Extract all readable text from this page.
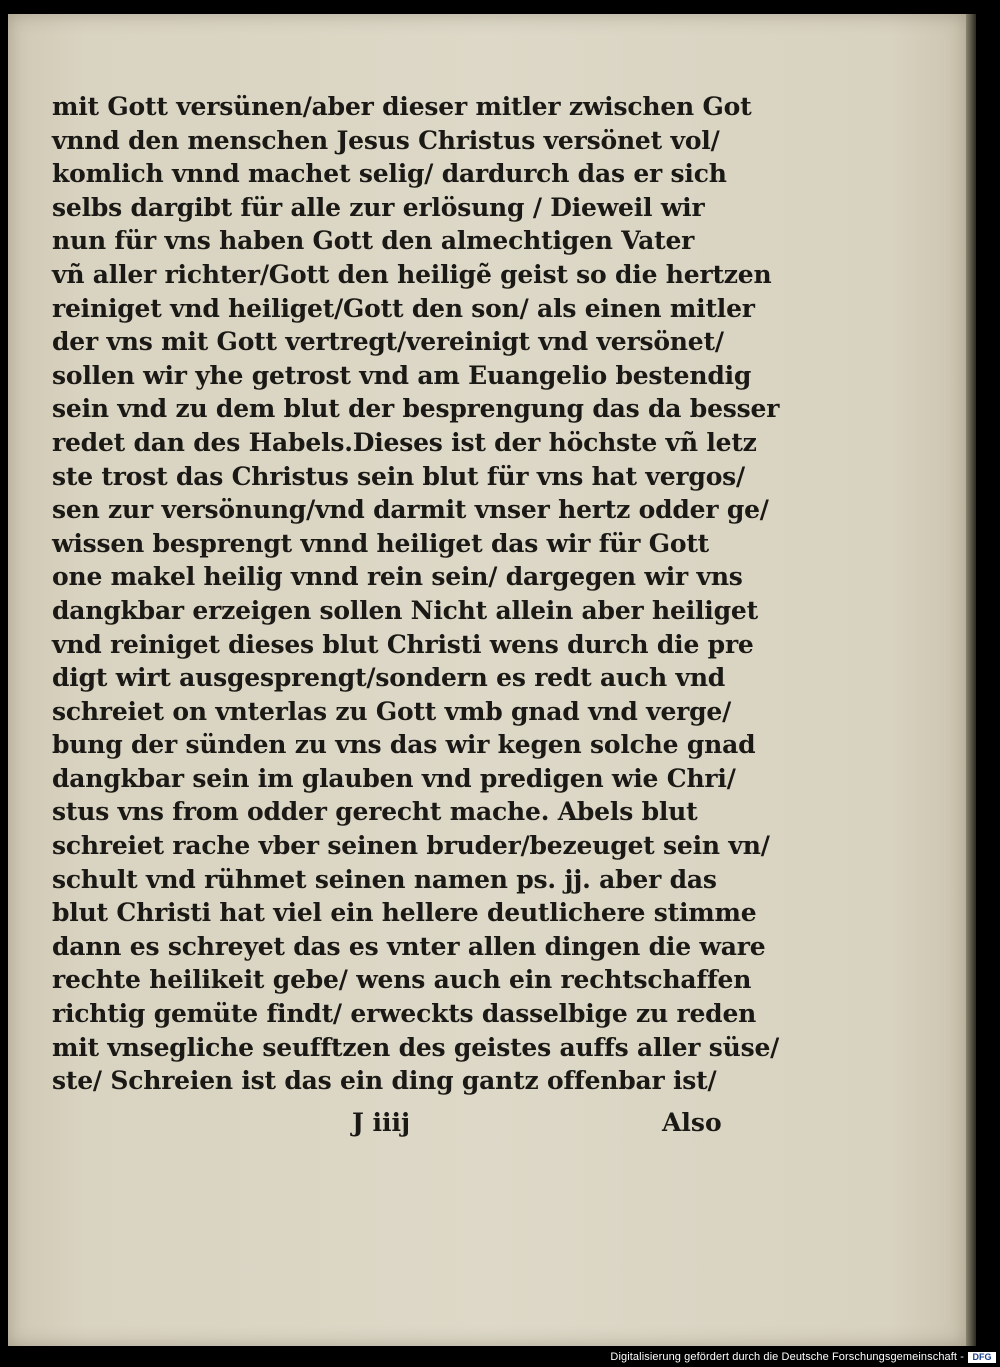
mit Gott versünen/aber dieser mitler zwischen Got
vnnd den menschen Jesus Christus versönet vol/
komlich vnnd machet selig/ dardurch das er sich
selbs dargibt für alle zur erlösung / Dieweil wir
nun für vns haben Gott den almechtigen Vater
vñ aller richter/Gott den heiligẽ geist so die hertzen
reiniget vnd heiliget/Gott den son/ als einen mitler
der vns mit Gott vertregt/vereinigt vnd versönet/
sollen wir yhe getrost vnd am Euangelio bestendig
sein vnd zu dem blut der besprengung das da besser
redet dan des Habels.Dieses ist der höchste vñ letz
ste trost das Christus sein blut für vns hat vergos/
sen zur versönung/vnd darmit vnser hertz odder ge/
wissen besprengt vnnd heiliget das wir für Gott
one makel heilig vnnd rein sein/ dargegen wir vns
dangkbar erzeigen sollen Nicht allein aber heiliget
vnd reiniget dieses blut Christi wens durch die pre
digt wirt ausgesprengt/sondern es redt auch vnd
schreiet on vnterlas zu Gott vmb gnad vnd verge/
bung der sünden zu vns das wir kegen solche gnad
dangkbar sein im glauben vnd predigen wie Chri/
stus vns from odder gerecht mache. Abels blut
schreiet rache vber seinen bruder/bezeuget sein vn/
schult vnd rühmet seinen namen ps. jj. aber das
blut Christi hat viel ein hellere deutlichere stimme
dann es schreyet das es vnter allen dingen die ware
rechte heilikeit gebe/ wens auch ein rechtschaffen
richtig gemüte findt/ erweckts dasselbige zu reden
mit vnsegliche seufftzen des geistes auffs aller süse/
ste/ Schreien ist das ein ding gantz offenbar ist/
J iiij	Also
Digitalisierung gefördert durch die Deutsche Forschungsgemeinschaft - DFG
